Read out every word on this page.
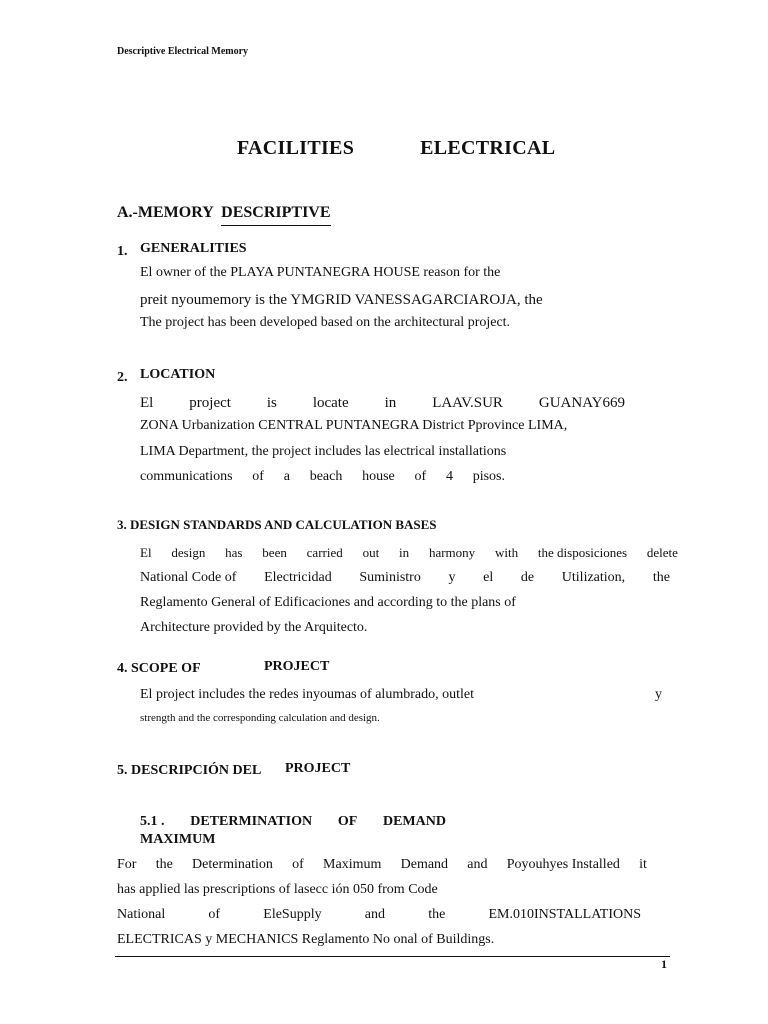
Descriptive Electrical Memory
FACILITIES	ELECTRICAL
A.-MEMORY DESCRIPTIVE
1. GENERALITIES
El owner of the PLAYA PUNTANEGRA HOUSE reason for the
preit nyoumemory is the YMGRID VANESSAGARCIAROJA, the
The project has been developed based on the architectural project.
2. LOCATION
El project is locate in LAAV.SUR GUANAY669
ZONA Urbanization CENTRAL PUNTANEGRA District Pprovince LIMA,
LIMA Department, the project includes las electrical installations
communications of a beach house of 4 pisos.
3. DESIGN STANDARDS AND CALCULATION BASES
El design has been carried out in harmony with the disposiciones delete
National Code of Electricidad Suministro y el de Utilization, the
Reglamento General of Edificaciones and according to the plans of
Architecture provided by the Arquitecto.
4. SCOPE OF	PROJECT
El project includes the redes inyoumas of alumbrado, outlet	y
strength and the corresponding calculation and design.
5. DESCRIPCIÓN DEL PROJECT
5.1 . DETERMINATION OF DEMAND
MAXIMUM
For the Determination of Maximum Demand and Poyouhyes Installed it
has applied las prescriptions of lasecc ión 050 from Code
National	of	EleSupply	and	the	EM.010INSTALLATIONS
ELECTRICAS y MECHANICS Reglamento No onal of Buildings.
1
